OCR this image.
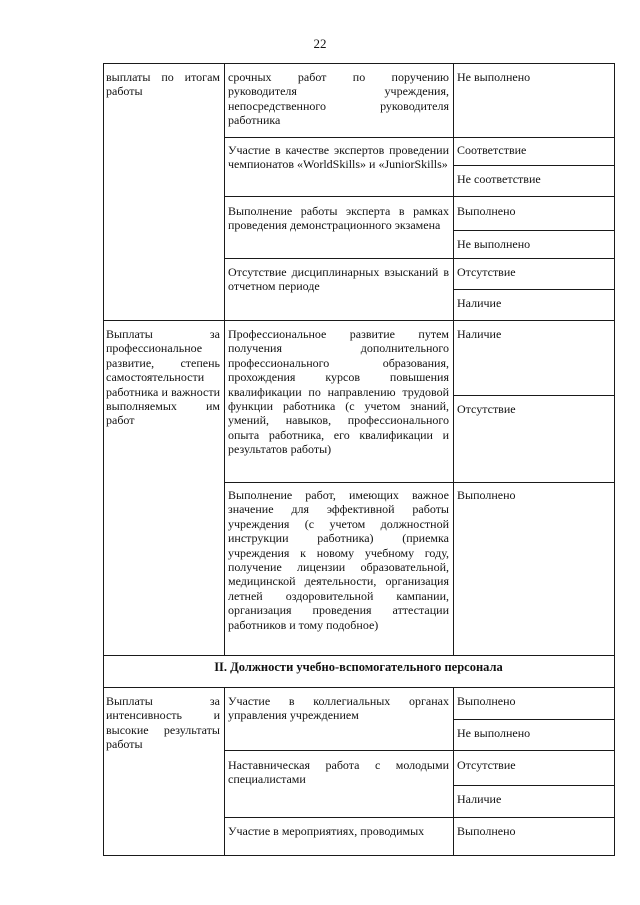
22
выплаты по итогам работы
срочных работ по поручению руководителя учреждения, непосредственного руководителя работника
Не выполнено
Участие в качестве экспертов проведении чемпионатов «WorldSkills» и «JuniorSkills»
Соответствие
Не соответствие
Выполнение работы эксперта в рамках проведения демонстрационного экзамена
Выполнено
Не выполнено
Отсутствие дисциплинарных взысканий в отчетном периоде
Отсутствие
Наличие
Выплаты за профессиональное развитие, степень самостоятельности работника и важности выполняемых им работ
Профессиональное развитие путем получения дополнительного профессионального образования, прохождения курсов повышения квалификации по направлению трудовой функции работника (с учетом знаний, умений, навыков, профессионального опыта работника, его квалификации и результатов работы)
Наличие
Отсутствие
Выполнение работ, имеющих важное значение для эффективной работы учреждения (с учетом должностной инструкции работника) (приемка учреждения к новому учебному году, получение лицензии образовательной, медицинской деятельности, организация летней оздоровительной кампании, организация проведения аттестации работников и тому подобное)
Выполнено
II. Должности учебно-вспомогательного персонала
Выплаты за интенсивность и высокие результаты работы
Участие в коллегиальных органах управления учреждением
Выполнено
Не выполнено
Наставническая работа с молодыми специалистами
Отсутствие
Наличие
Участие в мероприятиях, проводимых	Выполнено
